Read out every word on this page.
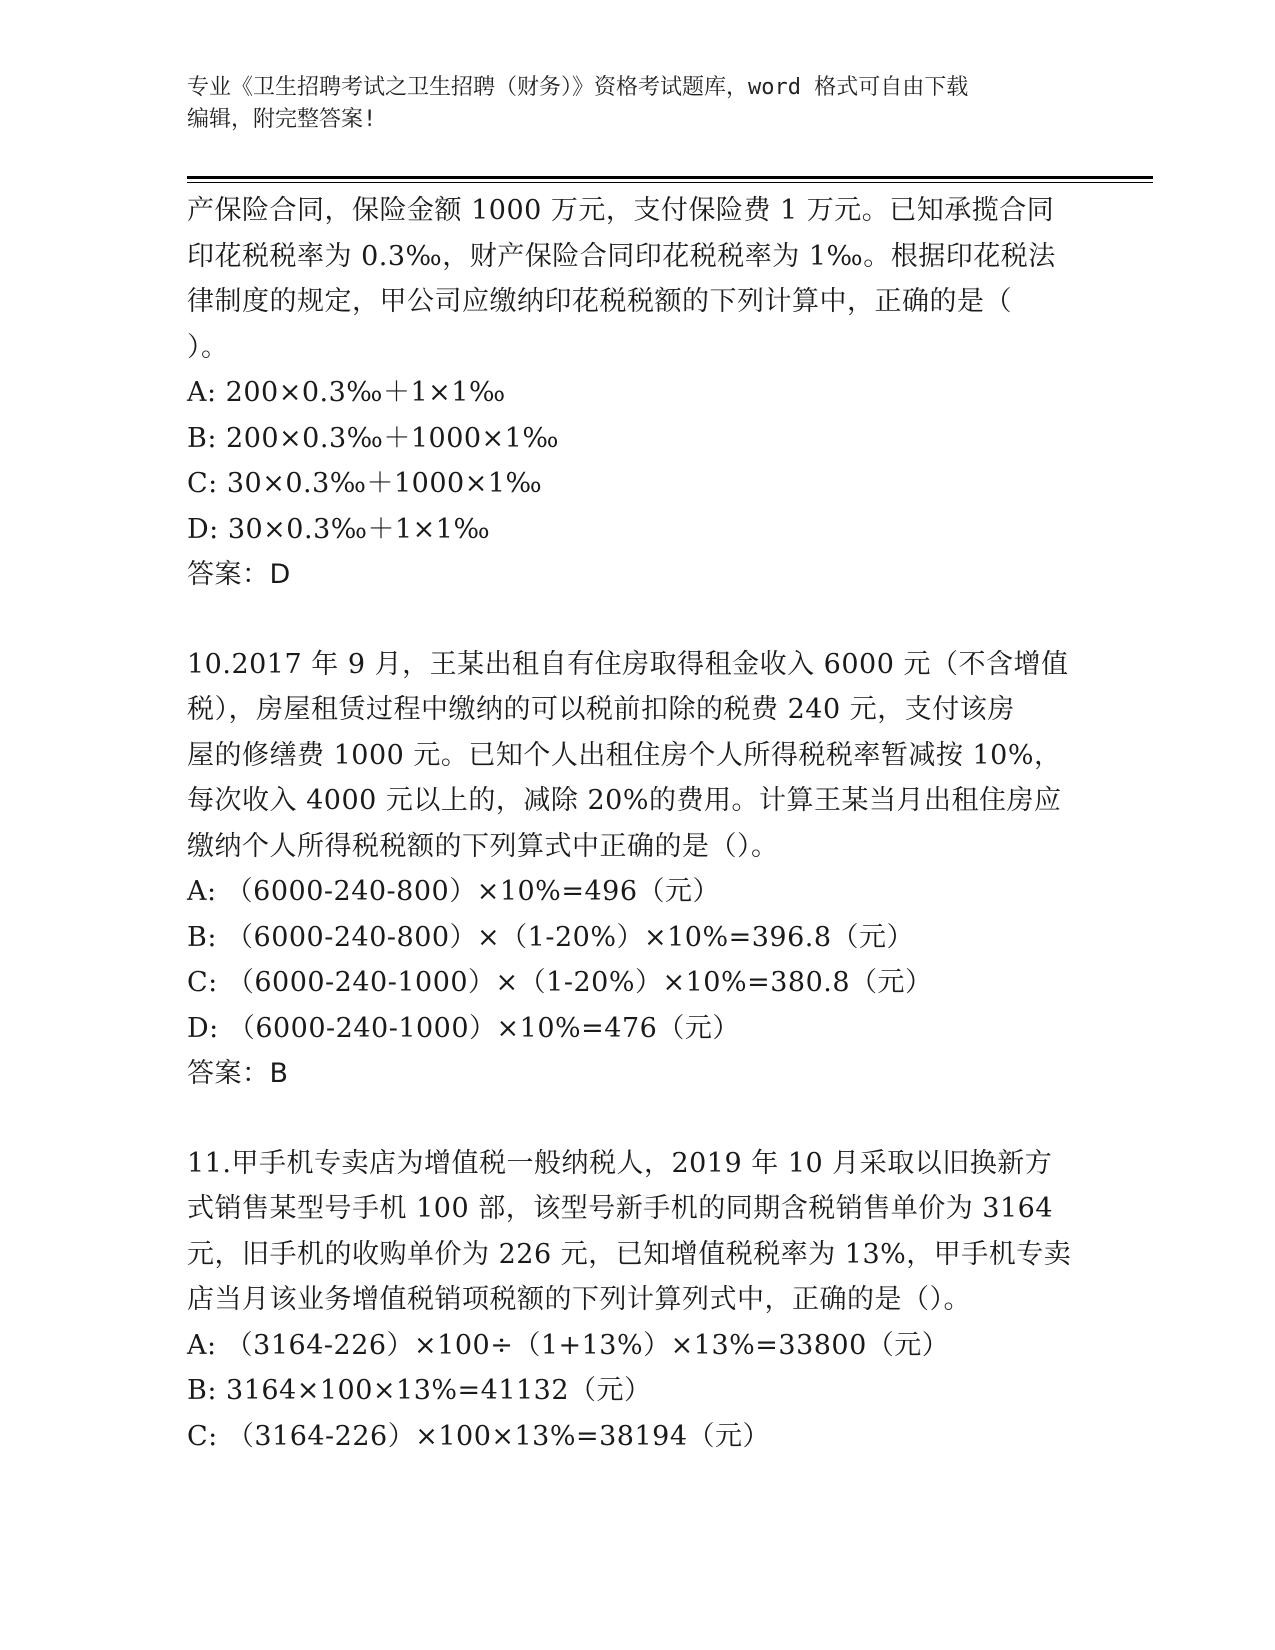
专业《卫生招聘考试之卫生招聘（财务）》资格考试题库，word 格式可自由下载
编辑，附完整答案!
产保险合同，保险金额 1000 万元，支付保险费 1 万元。已知承揽合同
印花税税率为 0.3‰，财产保险合同印花税税率为 1‰。根据印花税法
律制度的规定，甲公司应缴纳印花税税额的下列计算中，正确的是（
）。
A: 200×0.3‰＋1×1‰
B: 200×0.3‰＋1000×1‰
C: 30×0.3‰＋1000×1‰
D: 30×0.3‰＋1×1‰
答案：D
10.2017 年 9 月，王某出租自有住房取得租金收入 6000 元（不含增值
税），房屋租赁过程中缴纳的可以税前扣除的税费 240 元，支付该房
屋的修缮费 1000 元。已知个人出租住房个人所得税税率暂减按 10%，
每次收入 4000 元以上的，减除 20%的费用。计算王某当月出租住房应
缴纳个人所得税税额的下列算式中正确的是（）。
A: （6000-240-800）×10%=496（元）
B: （6000-240-800）×（1-20%）×10%=396.8（元）
C: （6000-240-1000）×（1-20%）×10%=380.8（元）
D: （6000-240-1000）×10%=476（元）
答案：B
11.甲手机专卖店为增值税一般纳税人，2019 年 10 月采取以旧换新方
式销售某型号手机 100 部，该型号新手机的同期含税销售单价为 3164
元，旧手机的收购单价为 226 元，已知增值税税率为 13%，甲手机专卖
店当月该业务增值税销项税额的下列计算列式中，正确的是（）。
A: （3164-226）×100÷（1+13%）×13%=33800（元）
B: 3164×100×13%=41132（元）
C: （3164-226）×100×13%=38194（元）
